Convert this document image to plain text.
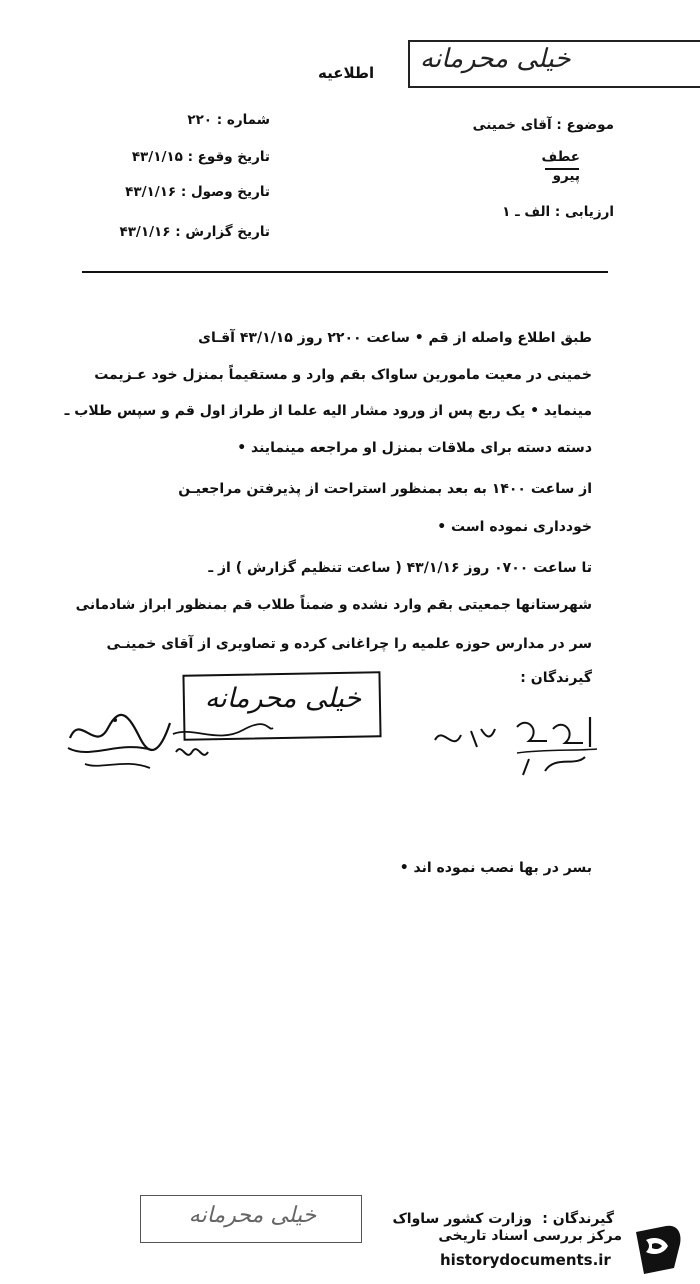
خیلی محرمانه
اطلاعیه
موضوع : آقای خمینی
عطف
پیرو
ارزیابی : الف ـ ۱
شماره : ۲۲۰
تاریخ وقوع : ۴۳/۱/۱۵
تاریخ وصول : ۴۳/۱/۱۶
تاریخ گزارش : ۴۳/۱/۱۶
طبق اطلاع واصله از قم • ساعت ۲۲۰۰ روز ۴۳/۱/۱۵ آقـای
خمینی در معیت مامورین ساواک بقم وارد و مستقیماً بمنزل خود عـزیمت
مینماید • یک ربع پس از ورود مشار الیه علما از طراز اول قم و سپس طلاب ـ
دسته دسته برای ملاقات بمنزل او مراجعه مینمایند •
از ساعت ۱۴۰۰ به بعد بمنظور استراحت از پذیرفتن مراجعیـن
خودداری نموده است •
تا ساعت ۰۷۰۰ روز ۴۳/۱/۱۶ ( ساعت تنظیم گزارش ) از ـ
شهرستانها جمعیتی بقم وارد نشده و ضمناً طلاب قم بمنظور ابراز شادمانی
سر در مدارس حوزه علمیه را چراغانی کرده و تصاویری از آقای خمینـی
گیرندگان :
خیلی محرمانه
بسر در بها نصب نموده اند •
گیرندگان :
وزارت کشور ساواک
خیلی محرمانه
مرکز بررسی اسناد تاریخی
historydocuments.ir
